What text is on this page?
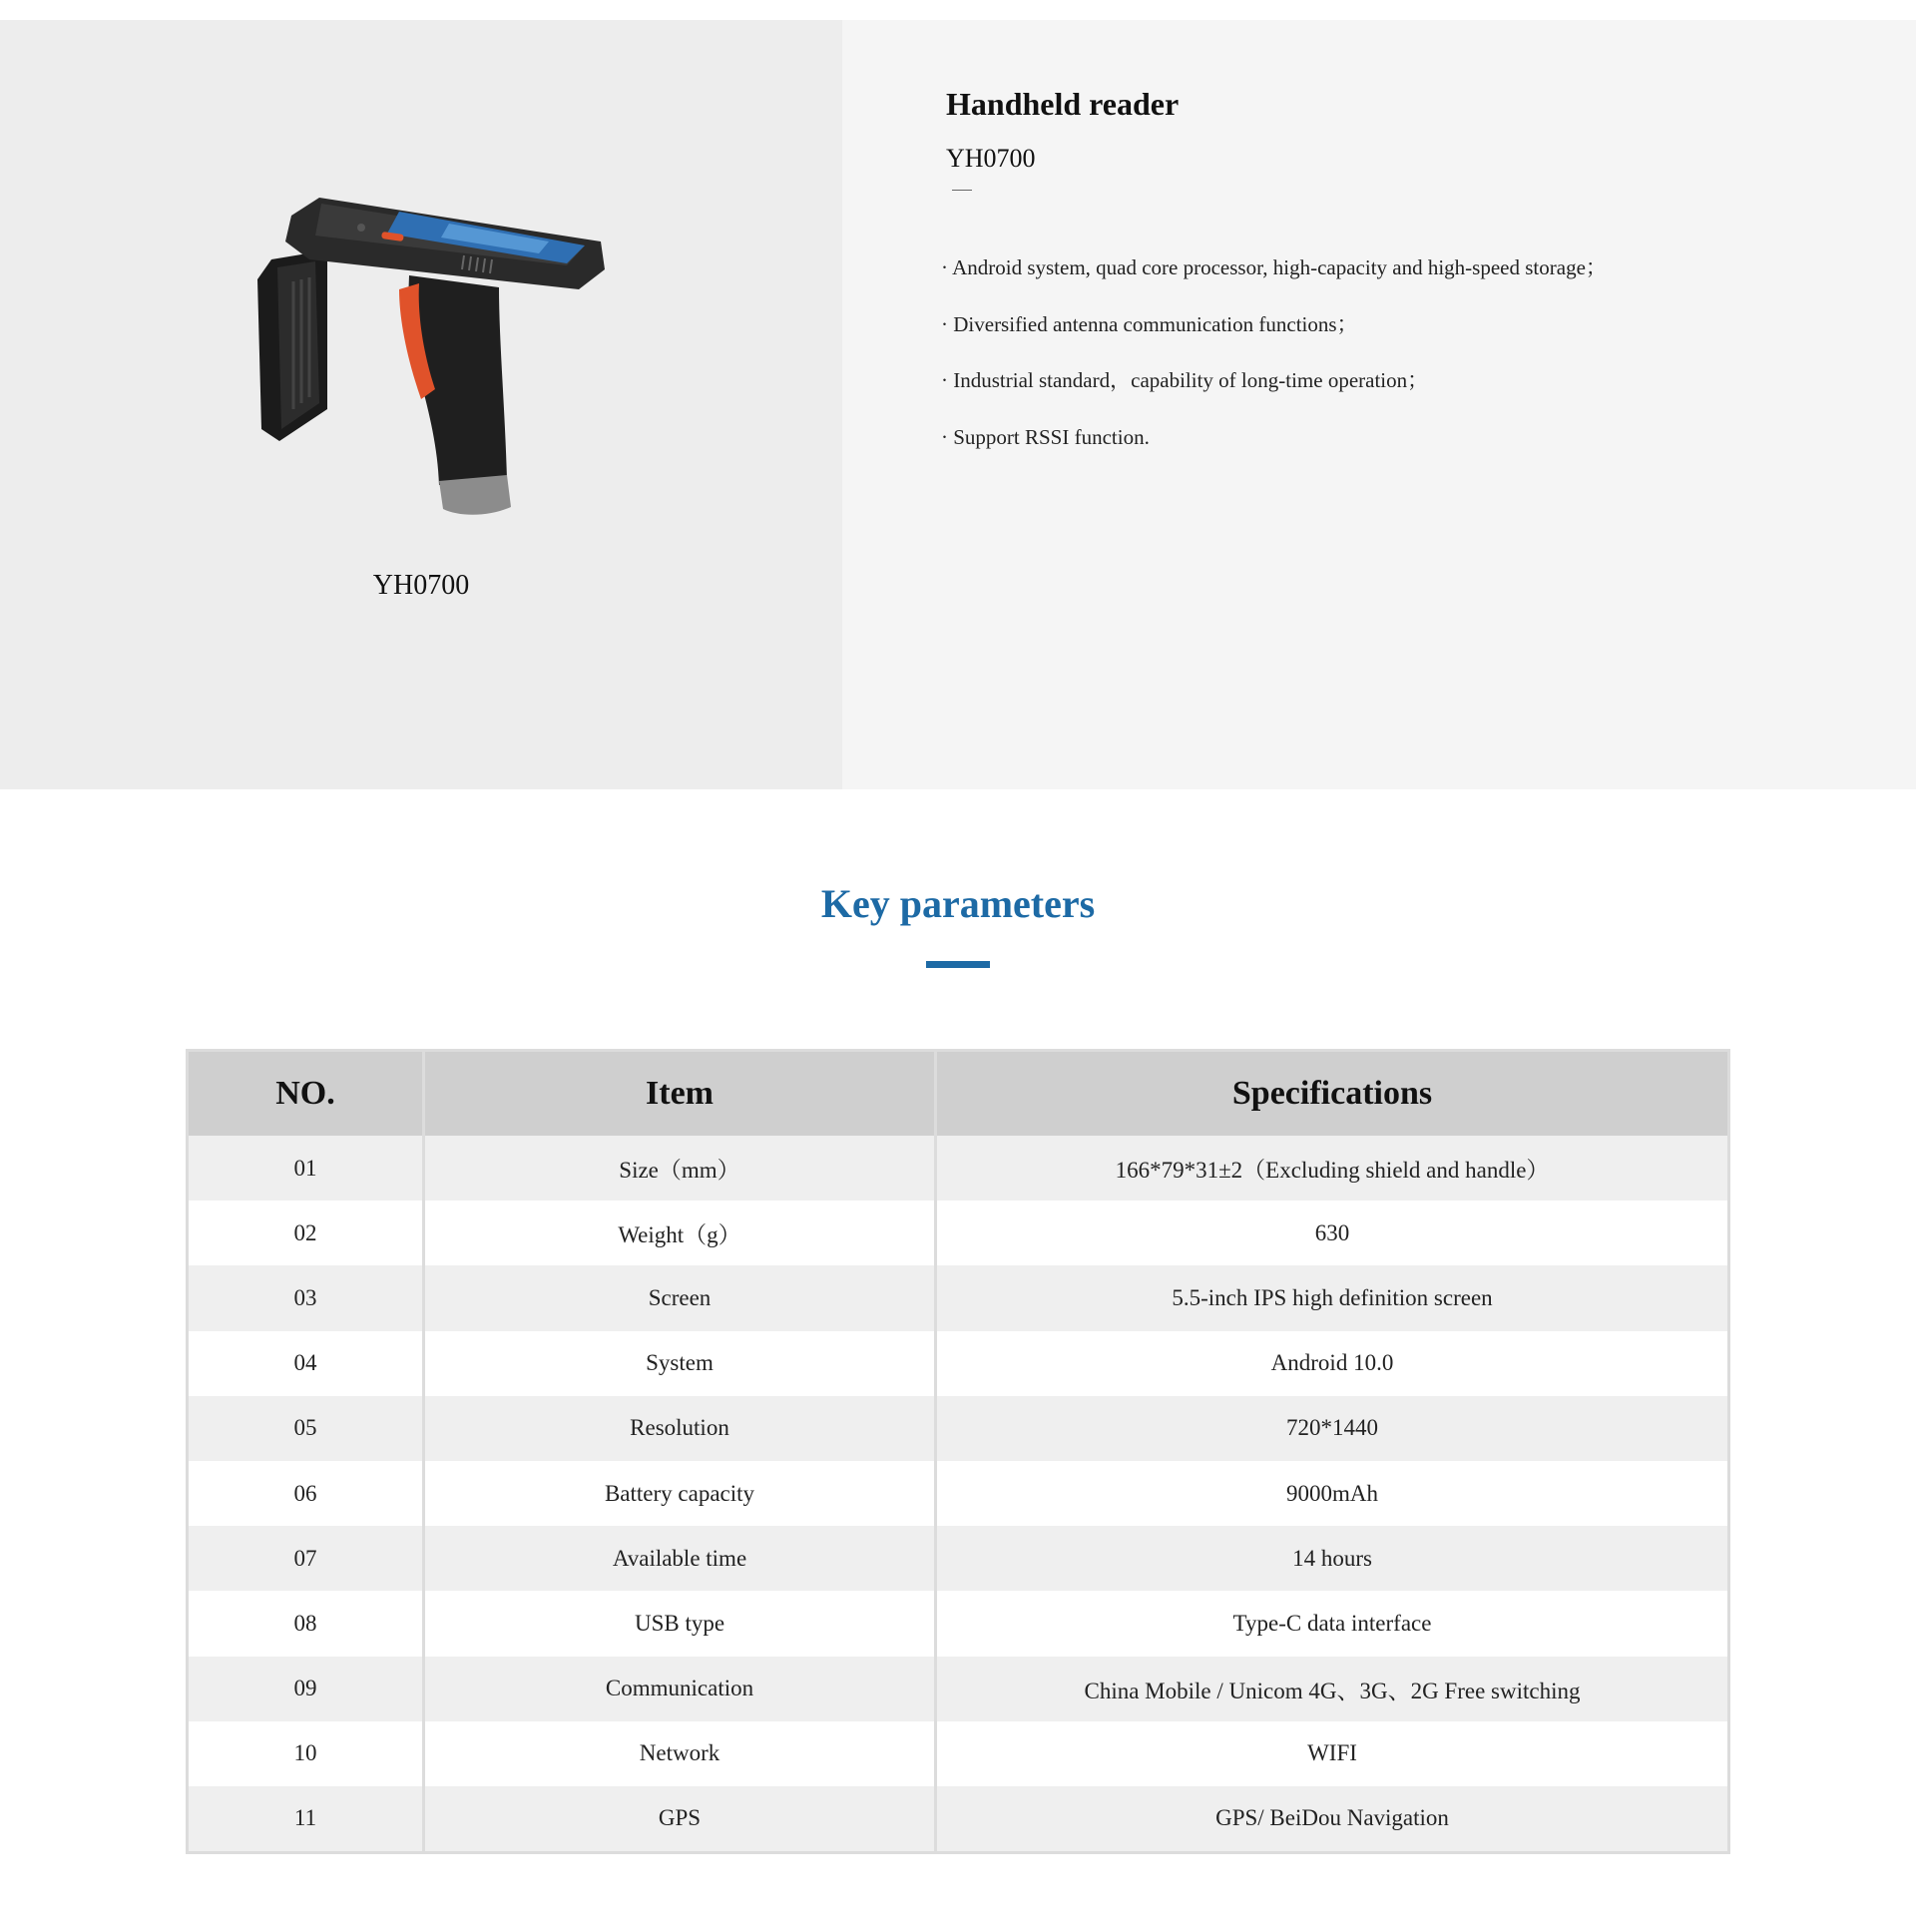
YH0700
Handheld reader
YH0700
· Android system, quad core processor, high-capacity and high-speed storage；
· Diversified antenna communication functions；
· Industrial standard，capability of long-time operation；
· Support RSSI function.
Key parameters
NO.	Item	Specifications
01	Size（mm）	166*79*31±2（Excluding shield and handle）
02	Weight（g）	630
03	Screen	5.5-inch IPS high definition screen
04	System	Android 10.0
05	Resolution	720*1440
06	Battery capacity	9000mAh
07	Available time	14 hours
08	USB type	Type-C data interface
09	Communication	China Mobile / Unicom 4G、3G、2G Free switching
10	Network	WIFI
11	GPS	GPS/ BeiDou Navigation
